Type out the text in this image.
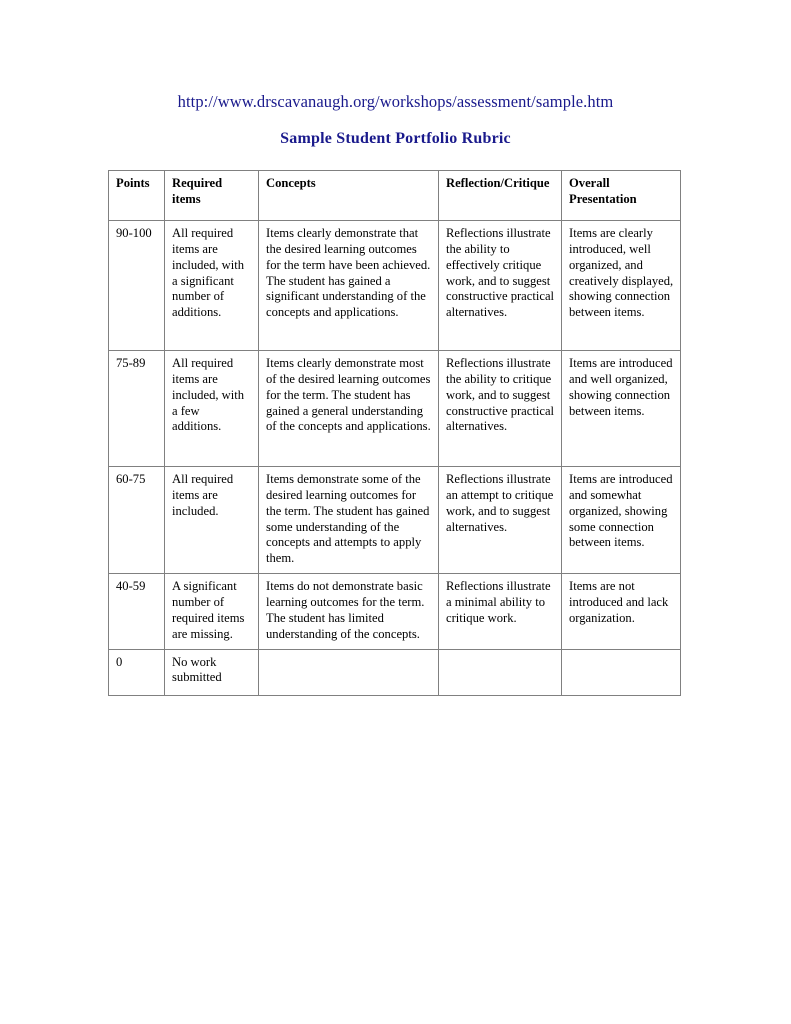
http://www.drscavanaugh.org/workshops/assessment/sample.htm
Sample Student Portfolio Rubric
Points	Required items	Concepts	Reflection/Critique	Overall Presentation
90-100	All required items are included, with a significant number of additions.	Items clearly demonstrate that the desired learning outcomes for the term have been achieved. The student has gained a significant understanding of the concepts and applications.	Reflections illustrate the ability to effectively critique work, and to suggest constructive practical alternatives.	Items are clearly introduced, well organized, and creatively displayed, showing connection between items.
75-89	All required items are included, with a few additions.	Items clearly demonstrate most of the desired learning outcomes for the term. The student has gained a general understanding of the concepts and applications.	Reflections illustrate the ability to critique work, and to suggest constructive practical alternatives.	Items are introduced and well organized, showing connection between items.
60-75	All required items are included.	Items demonstrate some of the desired learning outcomes for the term. The student has gained some understanding of the concepts and attempts to apply them.	Reflections illustrate an attempt to critique work, and to suggest alternatives.	Items are introduced and somewhat organized, showing some connection between items.
40-59	A significant number of required items are missing.	Items do not demonstrate basic learning outcomes for the term. The student has limited understanding of the concepts.	Reflections illustrate a minimal ability to critique work.	Items are not introduced and lack organization.
0	No work submitted			
